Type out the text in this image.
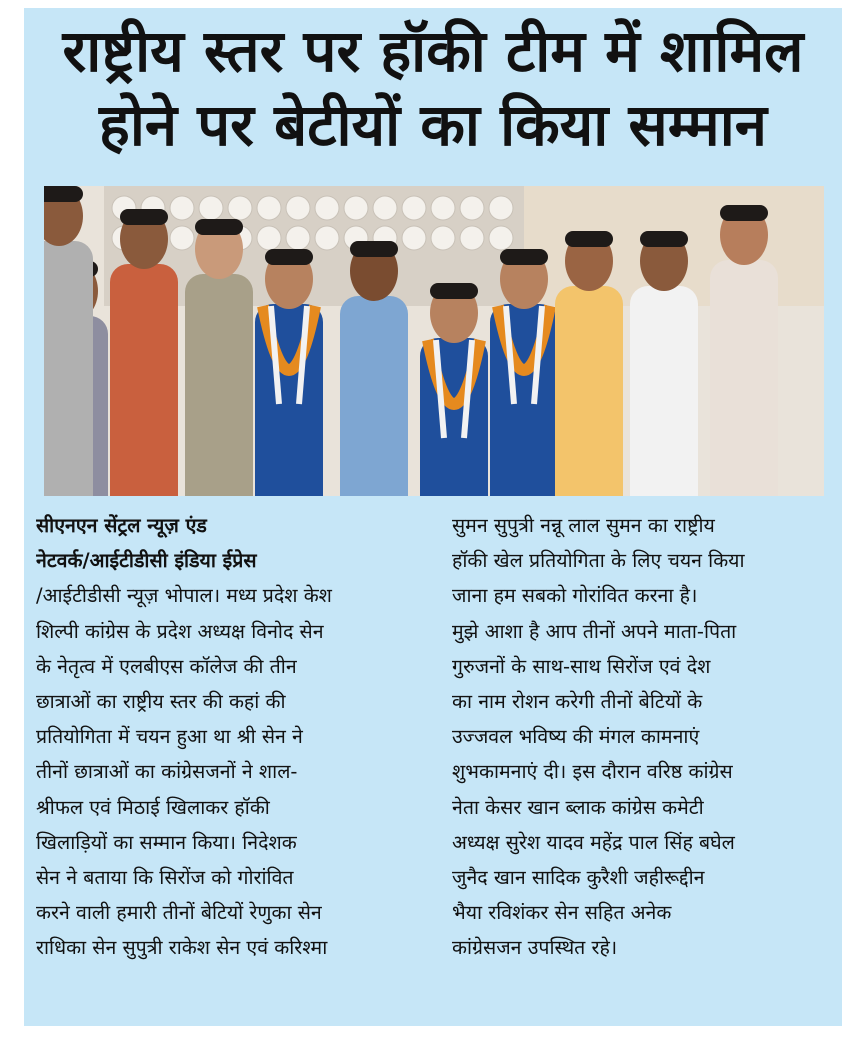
राष्ट्रीय स्तर पर हॉकी टीम में शामिल
होने पर बेटीयों का किया सम्मान
सीएनएन सेंट्रल न्यूज़ एंड
नेटवर्क/आईटीडीसी इंडिया ईप्रेस
/आईटीडीसी न्यूज़ भोपाल। मध्य प्रदेश केश
शिल्पी कांग्रेस के प्रदेश अध्यक्ष विनोद सेन
के नेतृत्व में एलबीएस कॉलेज की तीन
छात्राओं का राष्ट्रीय स्तर की कहां की
प्रतियोगिता में चयन हुआ था श्री सेन ने
तीनों छात्राओं का कांग्रेसजनों ने शाल-
श्रीफल एवं मिठाई खिलाकर हॉकी
खिलाड़ियों का सम्मान किया। निदेशक
सेन ने बताया कि सिरोंज को गोरांवित
करने वाली हमारी तीनों बेटियों रेणुका सेन
राधिका सेन सुपुत्री राकेश सेन एवं करिश्मा
सुमन सुपुत्री नन्नू लाल सुमन का राष्ट्रीय
हॉकी खेल प्रतियोगिता के लिए चयन किया
जाना हम सबको गोरांवित करना है।
मुझे आशा है आप तीनों अपने माता-पिता
गुरुजनों के साथ-साथ सिरोंज एवं देश
का नाम रोशन करेगी तीनों बेटियों के
उज्जवल भविष्य की मंगल कामनाएं
शुभकामनाएं दी। इस दौरान वरिष्ठ कांग्रेस
नेता केसर खान ब्लाक कांग्रेस कमेटी
अध्यक्ष सुरेश यादव महेंद्र पाल सिंह बघेल
जुनैद खान सादिक कुरैशी जहीरूद्दीन
भैया रविशंकर सेन सहित अनेक
कांग्रेसजन उपस्थित रहे।
